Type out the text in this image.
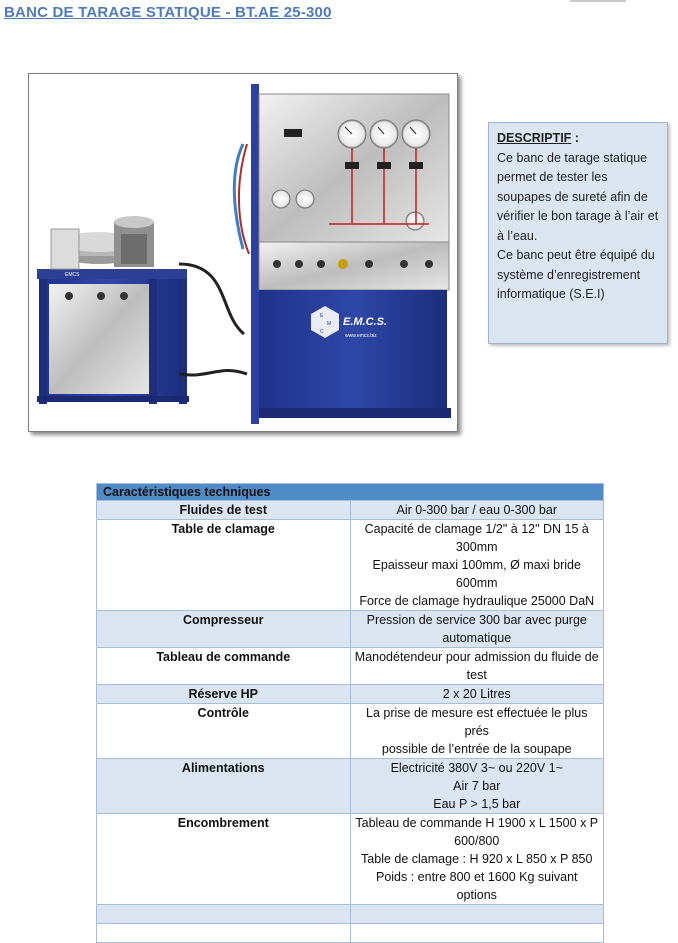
BANC DE TARAGE STATIQUE - BT.AE 25-300
EMCS
E
M
C
E.M.C.S.
www.emcs.biz
DESCRIPTIF :
Ce banc de tarage statique permet de tester les soupapes de sureté afin de vérifier le bon tarage à l’air et à l’eau.
Ce banc peut être équipé du système d’enregistrement informatique (S.E.I)
Caractéristiques techniques	
Fluides de test	Air 0-300 bar / eau 0-300 bar

Table de clamage	Capacité de clamage 1/2" à 12" DN 15 à 300mm
Epaisseur maxi 100mm, Ø maxi bride 600mm
Force de clamage hydraulique 25000 DaN

Compresseur	Pression de service 300 bar avec purge automatique

Tableau de commande	Manodétendeur pour admission du fluide de test

Réserve HP	2 x 20 Litres

Contrôle	La prise de mesure est effectuée le plus prés
possible de l’entrée de la soupape

Alimentations	Electricité 380V 3~ ou 220V 1~
Air 7 bar
Eau P > 1,5 bar

Encombrement	Tableau de commande H 1900 x L 1500 x P 600/800
Table de clamage : H 920 x L 850 x P 850
Poids : entre 800 et 1600 Kg suivant options
